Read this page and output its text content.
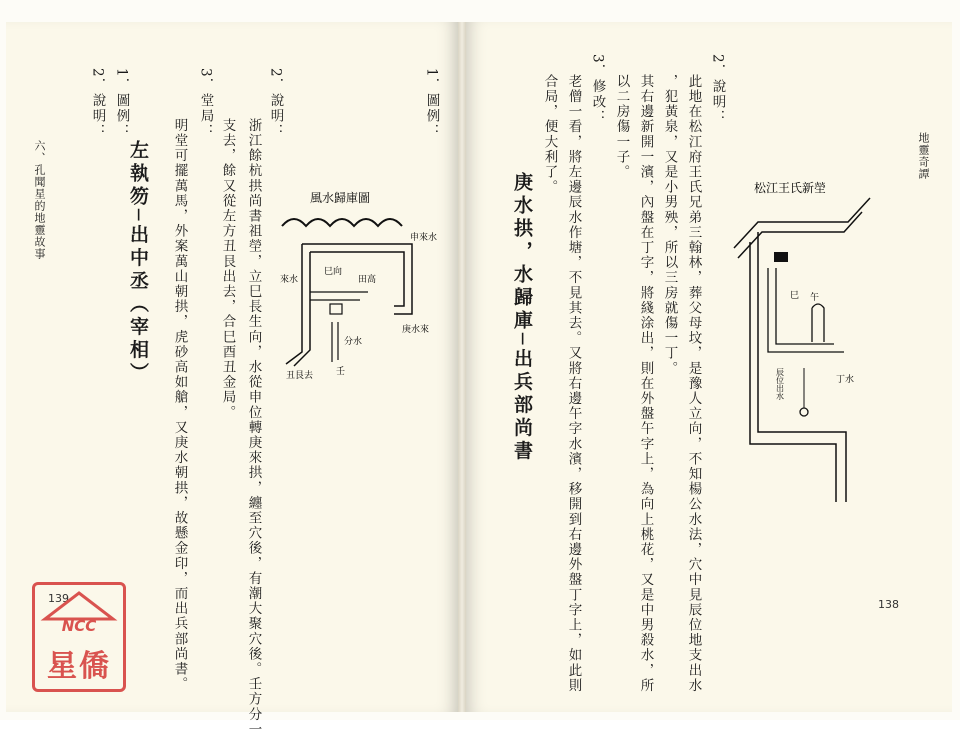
六、孔聞星的地靈故事
2．說明：
1．圖例：
左執笏─出中丞（宰相） 明堂可擺萬馬，外案萬山朝拱，虎砂高如艙，又庚水朝拱，故懸金印，而出兵部尚書。
3．堂局：
支去，餘又從左方丑艮出去，合巳酉丑金局。 浙江餘杭拱尚書祖塋，立巳長生向，水從申位轉庚來拱，纏至穴後，有潮大聚穴後。壬方分一
2．說明：
風水歸庫圖
申來水
巳向
田高
來水
分水
庚水來
丑艮去	壬
1．圖例：
139
庚水拱，水歸庫─出兵部尚書
合局，便大利了。 老僧一看，將左邊辰水作塘，不見其去。又將右邊午字水濱，移開到右邊外盤丁字上，如此則 3．修改： 以二房傷一子。 其右邊新開一濱，內盤在丁字，將綫涂出，則在外盤午字上，為向上桃花，又是中男殺水，所 ，犯黃泉，又是小男殃，所以三房就傷一丁。 此地在松江府王氏兄弟三翰林，葬父母坟，是豫人立向，不知楊公水法，穴中見辰位地支出水 2．說明：
松江王氏新塋
巳 午
辰位出水	丁水
地靈奇譚
138
NCC
星僑
